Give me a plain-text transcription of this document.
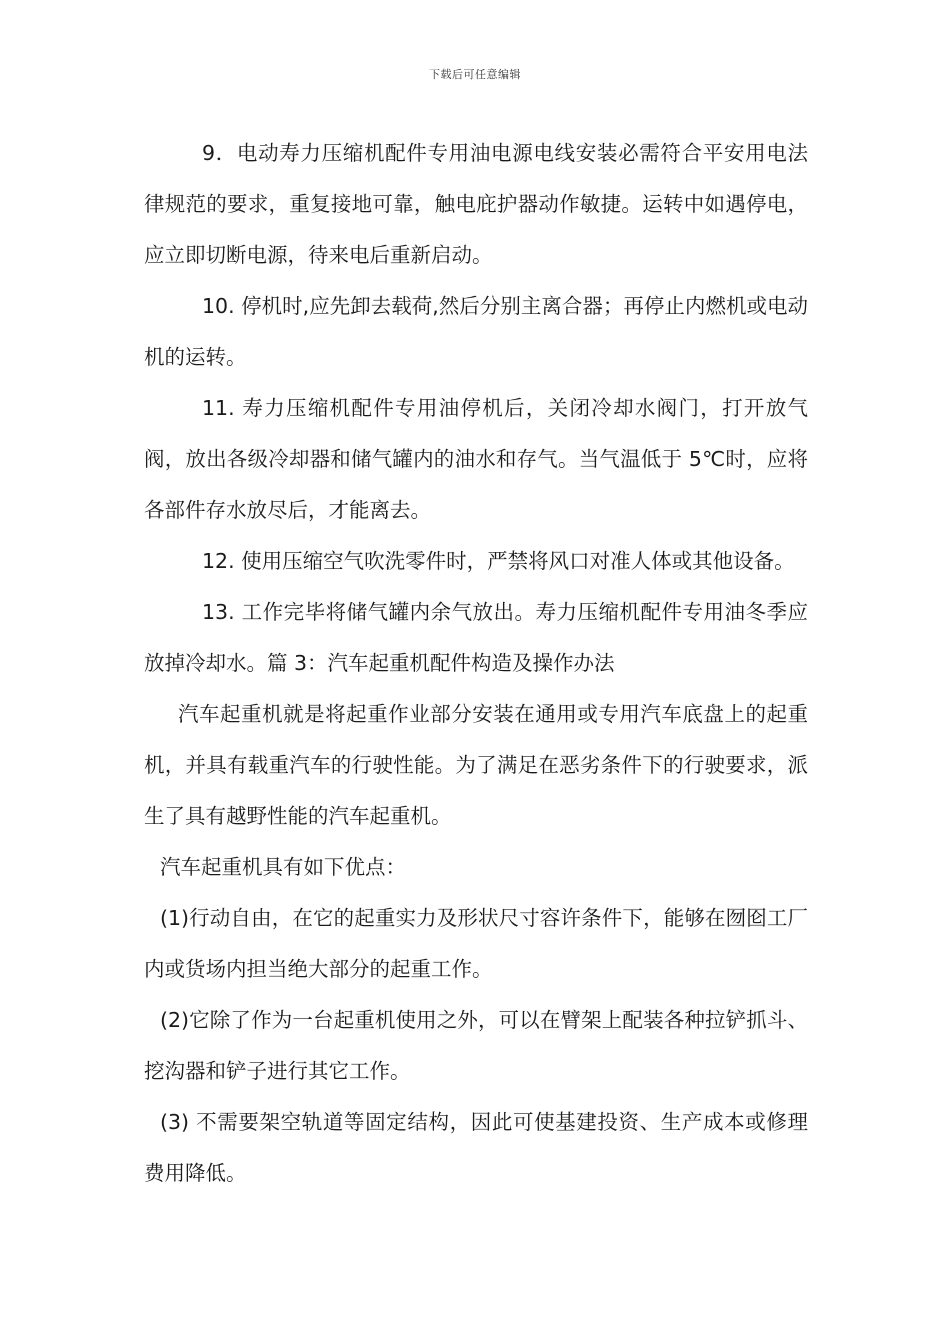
下载后可任意编辑

9．电动寿力压缩机配件专用油电源电线安装必需符合平安用电法律规范的要求，重复接地可靠，触电庇护器动作敏捷。运转中如遇停电，应立即切断电源，待来电后重新启动。

10. 停机时,应先卸去载荷,然后分别主离合器；再停止内燃机或电动机的运转。

11. 寿力压缩机配件专用油停机后，关闭冷却水阀门，打开放气阀，放出各级冷却器和储气罐内的油水和存气。当气温低于 5℃时，应将各部件存水放尽后，才能离去。

12. 使用压缩空气吹洗零件时，严禁将风口对准人体或其他设备。

13. 工作完毕将储气罐内余气放出。寿力压缩机配件专用油冬季应放掉冷却水。篇 3：汽车起重机配件构造及操作办法

汽车起重机就是将起重作业部分安装在通用或专用汽车底盘上的起重机，并具有载重汽车的行驶性能。为了满足在恶劣条件下的行驶要求，派生了具有越野性能的汽车起重机。

汽车起重机具有如下优点：

(1)行动自由，在它的起重实力及形状尺寸容许条件下，能够在囫囵工厂内或货场内担当绝大部分的起重工作。

(2)它除了作为一台起重机使用之外，可以在臂架上配装各种拉铲抓斗、挖沟器和铲子进行其它工作。

(3) 不需要架空轨道等固定结构，因此可使基建投资、生产成本或修理费用降低。
